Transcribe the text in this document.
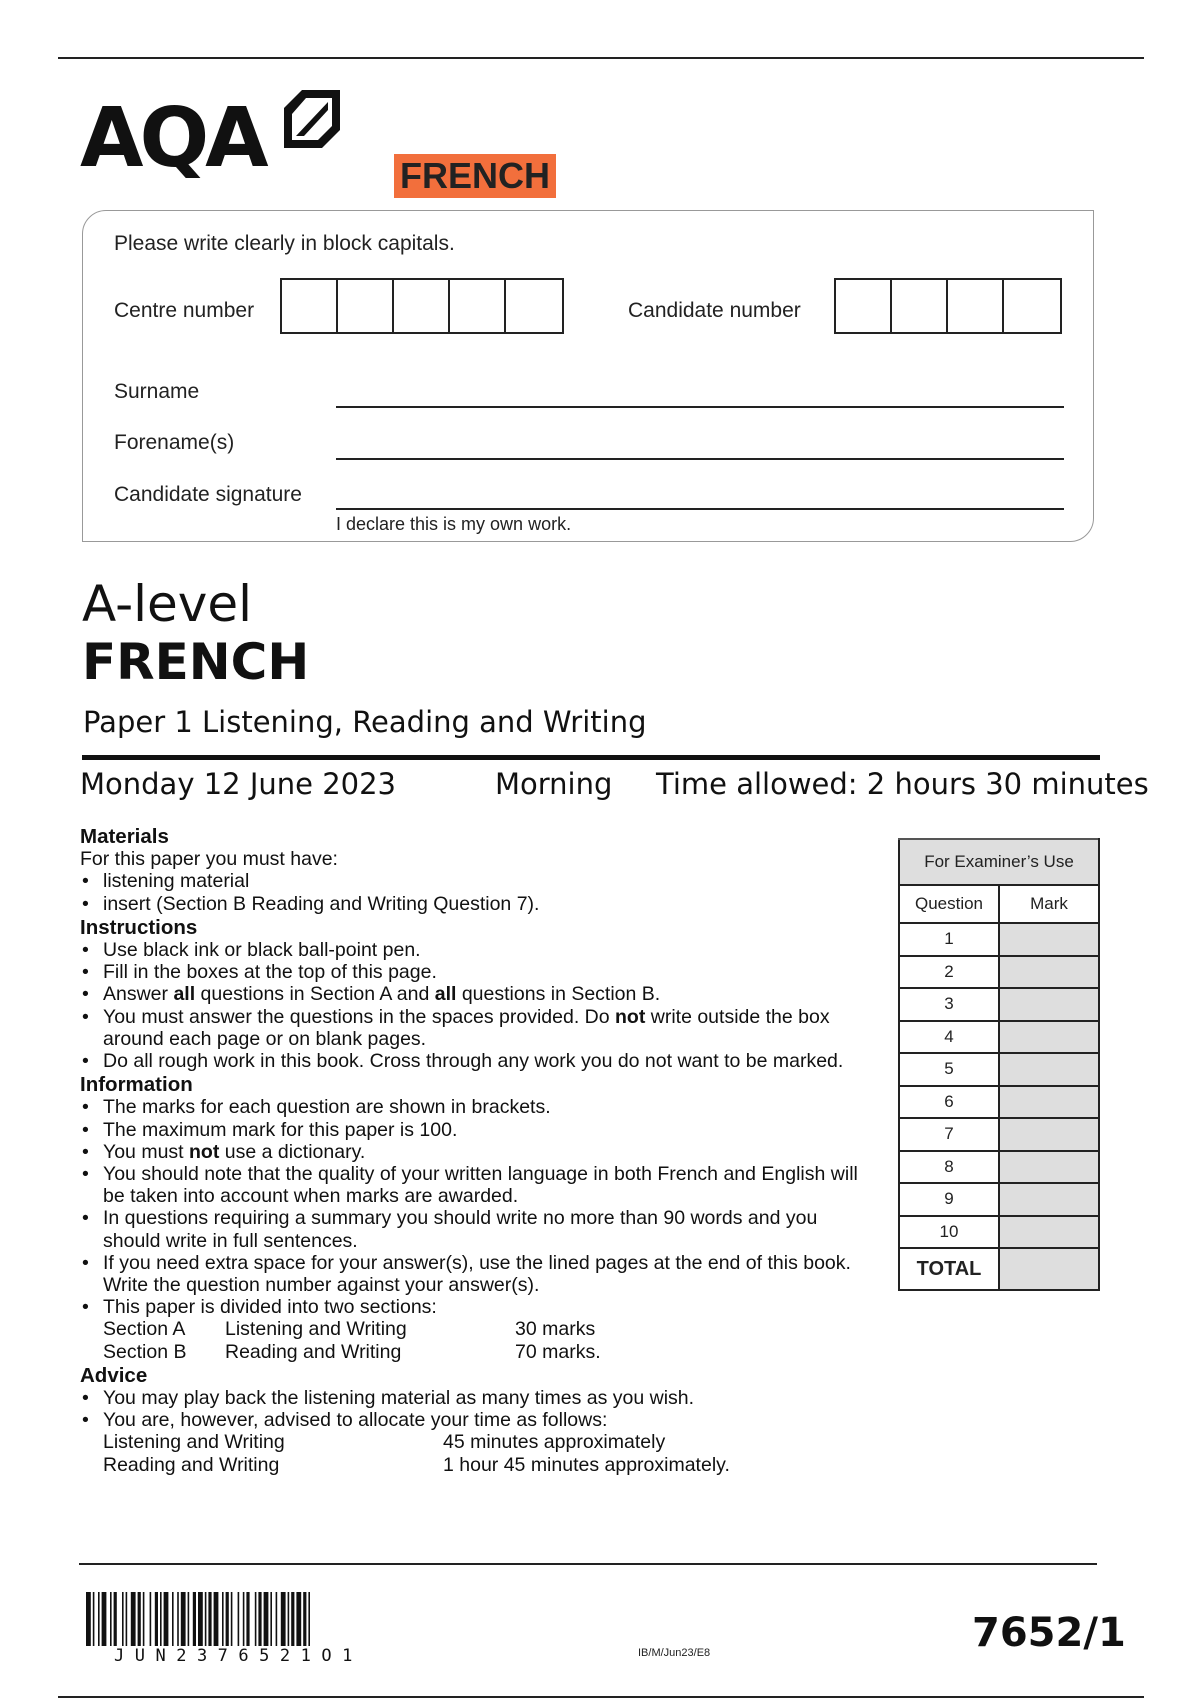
AQA	FRENCH
Please write clearly in block capitals.
Centre number	Candidate number
Surname
Forename(s)
Candidate signature
I declare this is my own work.
A-level
FRENCH
Paper 1 Listening, Reading and Writing
Monday 12 June 2023	Morning Time allowed: 2 hours 30 minutes
Materials
For this paper you must have:
• listening material
• insert (Section B Reading and Writing Question 7).
Instructions
• Use black ink or black ball-point pen.
• Fill in the boxes at the top of this page.
• Answer all questions in Section A and all questions in Section B.
• You must answer the questions in the spaces provided. Do not write outside the box around each page or on blank pages.
• Do all rough work in this book. Cross through any work you do not want to be marked.
Information
• The marks for each question are shown in brackets.
• The maximum mark for this paper is 100.
• You must not use a dictionary.
• You should note that the quality of your written language in both French and English will be taken into account when marks are awarded.
• In questions requiring a summary you should write no more than 90 words and you should write in full sentences.
• If you need extra space for your answer(s), use the lined pages at the end of this book. Write the question number against your answer(s).
• This paper is divided into two sections:
Section A	Listening and Writing	30 marks
Section B	Reading and Writing	70 marks.
Advice
• You may play back the listening material as many times as you wish.
• You are, however, advised to allocate your time as follows:
Listening and Writing	45 minutes approximately
Reading and Writing	1 hour 45 minutes approximately.
For Examiner’s Use	
Question	Mark
1	
2	
3	
4	
5	
6	
7	
8	
9	
10	
TOTAL	
JUN2376521O1	IB/M/Jun23/E8	7652/1
